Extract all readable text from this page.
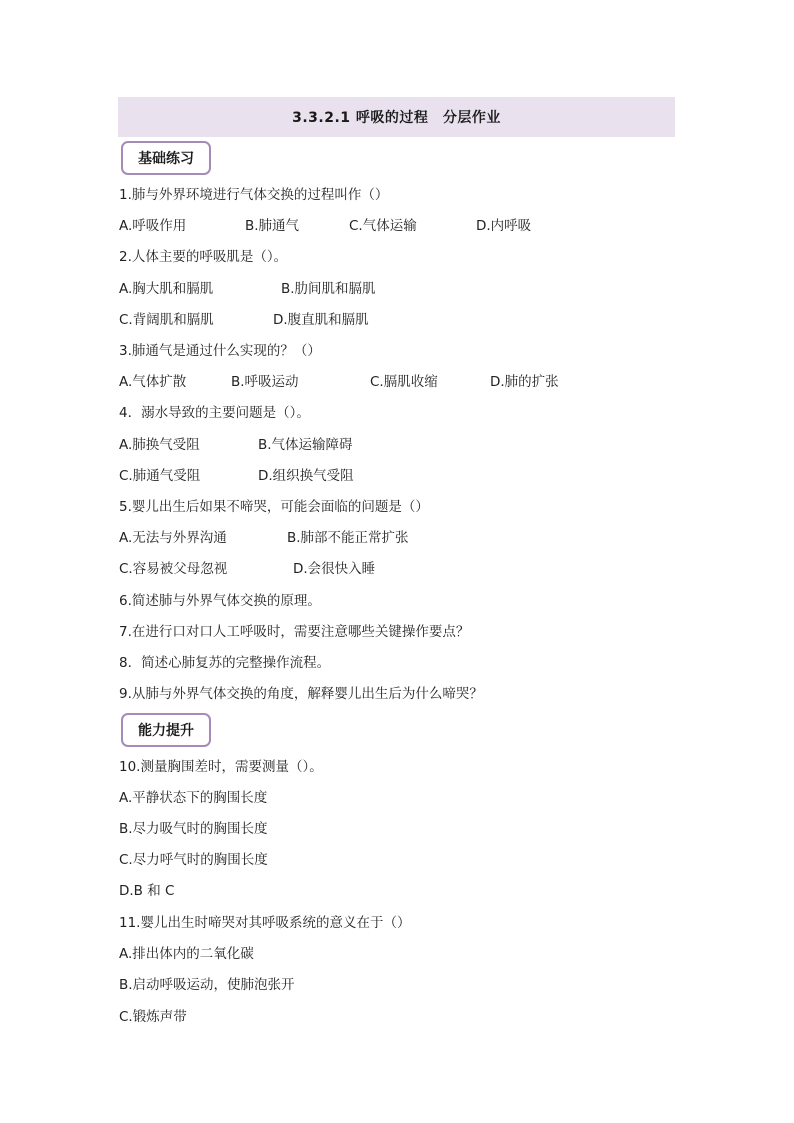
3.3.2.1 呼吸的过程　分层作业
基础练习
1.肺与外界环境进行气体交换的过程叫作（）
A.呼吸作用	B.肺通气	C.气体运输	D.内呼吸
2.人体主要的呼吸肌是（）。
A.胸大肌和膈肌	B.肋间肌和膈肌
C.背阔肌和膈肌	D.腹直肌和膈肌
3.肺通气是通过什么实现的？（）
A.气体扩散	B.呼吸运动	C.膈肌收缩	D.肺的扩张
4．溺水导致的主要问题是（）。
A.肺换气受阻	B.气体运输障碍
C.肺通气受阻	D.组织换气受阻
5.婴儿出生后如果不啼哭，可能会面临的问题是（）
A.无法与外界沟通	B.肺部不能正常扩张
C.容易被父母忽视	D.会很快入睡
6.简述肺与外界气体交换的原理。
7.在进行口对口人工呼吸时，需要注意哪些关键操作要点？
8．简述心肺复苏的完整操作流程。
9.从肺与外界气体交换的角度，解释婴儿出生后为什么啼哭？
能力提升
10.测量胸围差时，需要测量（）。
A.平静状态下的胸围长度
B.尽力吸气时的胸围长度
C.尽力呼气时的胸围长度
D.B 和 C
11.婴儿出生时啼哭对其呼吸系统的意义在于（）
A.排出体内的二氧化碳
B.启动呼吸运动，使肺泡张开
C.锻炼声带
